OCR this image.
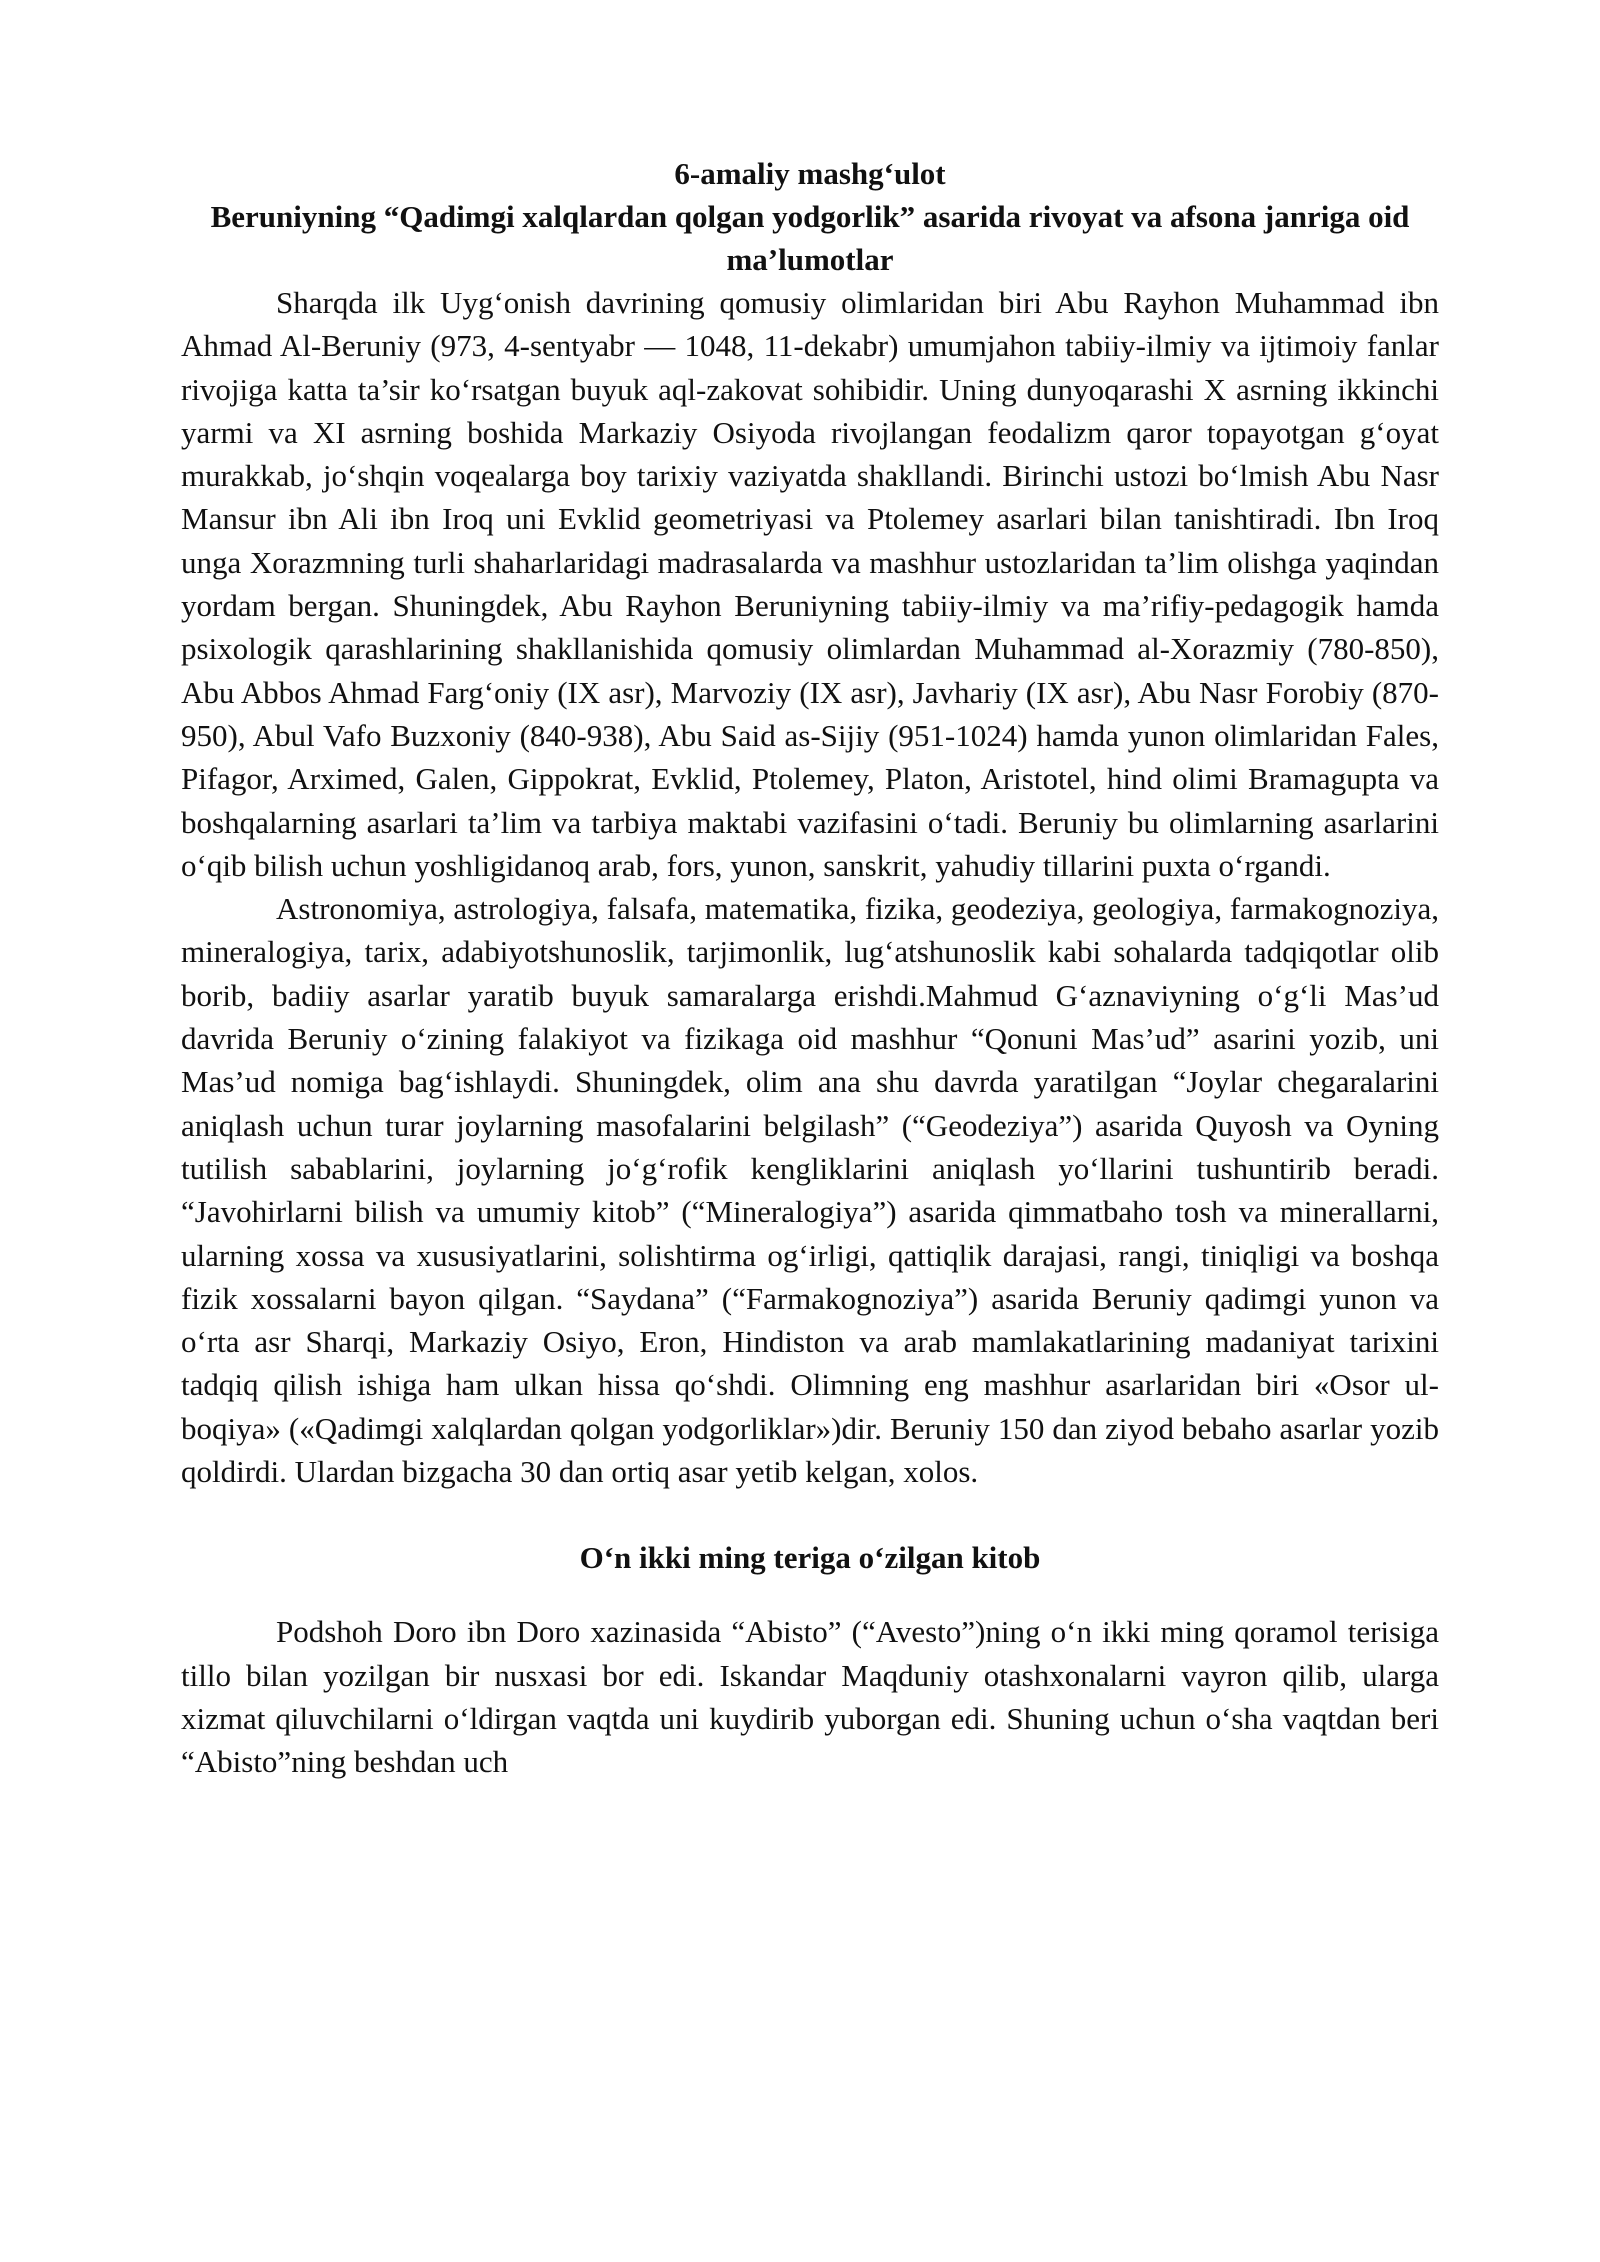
6-amaliy mashg‘ulot
Beruniyning “Qadimgi xalqlardan qolgan yodgorlik” asarida rivoyat va afsona janriga oid ma’lumotlar

Sharqda ilk Uyg‘onish davrining qomusiy olimlaridan biri Abu Rayhon Muhammad ibn Ahmad Al-Beruniy (973, 4-sentyabr — 1048, 11-dekabr) umumjahon tabiiy-ilmiy va ijtimoiy fanlar rivojiga katta ta’sir ko‘rsatgan buyuk aql-zakovat sohibidir. Uning dunyoqarashi X asrning ikkinchi yarmi va XI asrning boshida Markaziy Osiyoda rivojlangan feodalizm qaror topayotgan g‘oyat murakkab, jo‘shqin voqealarga boy tarixiy vaziyatda shakllandi. Birinchi ustozi bo‘lmish Abu Nasr Mansur ibn Ali ibn Iroq uni Evklid geometriyasi va Ptolemey asarlari bilan tanishtiradi. Ibn Iroq unga Xorazmning turli shaharlaridagi madrasalarda va mashhur ustozlaridan ta’lim olishga yaqindan yordam bergan. Shuningdek, Abu Rayhon Beruniyning tabiiy-ilmiy va ma’rifiy-pedagogik hamda psixologik qarashlarining shakllanishida qomusiy olimlardan Muhammad al-Xorazmiy (780-850), Abu Abbos Ahmad Farg‘oniy (IX asr), Marvoziy (IX asr), Javhariy (IX asr), Abu Nasr Forobiy (870-950), Abul Vafo Buzxoniy (840-938), Abu Said as-Sijiy (951-1024) hamda yunon olimlaridan Fales, Pifagor, Arximed, Galen, Gippokrat, Evklid, Ptolemey, Platon, Aristotel, hind olimi Bramagupta va boshqalarning asarlari ta’lim va tarbiya maktabi vazifasini o‘tadi. Beruniy bu olimlarning asarlarini o‘qib bilish uchun yoshligidanoq arab, fors, yunon, sanskrit, yahudiy tillarini puxta o‘rgandi.

Astronomiya, astrologiya, falsafa, matematika, fizika, geodeziya, geologiya, farmakognoziya, mineralogiya, tarix, adabiyotshunoslik, tarjimonlik, lug‘atshunoslik kabi sohalarda tadqiqotlar olib borib, badiiy asarlar yaratib buyuk samaralarga erishdi.Mahmud G‘aznaviyning o‘g‘li Mas’ud davrida Beruniy o‘zining falakiyot va fizikaga oid mashhur “Qonuni Mas’ud” asarini yozib, uni Mas’ud nomiga bag‘ishlaydi. Shuningdek, olim ana shu davrda yaratilgan “Joylar chegaralarini aniqlash uchun turar joylarning masofalarini belgilash” (“Geodeziya”) asarida Quyosh va Oyning tutilish sabablarini, joylarning jo‘g‘rofik kengliklarini aniqlash yo‘llarini tushuntirib beradi. “Javohirlarni bilish va umumiy kitob” (“Mineralogiya”) asarida qimmatbaho tosh va minerallarni, ularning xossa va xususiyatlarini, solishtirma og‘irligi, qattiqlik darajasi, rangi, tiniqligi va boshqa fizik xossalarni bayon qilgan. “Saydana” (“Farmakognoziya”) asarida Beruniy qadimgi yunon va o‘rta asr Sharqi, Markaziy Osiyo, Eron, Hindiston va arab mamlakatlarining madaniyat tarixini tadqiq qilish ishiga ham ulkan hissa qo‘shdi. Olimning eng mashhur asarlaridan biri «Osor ul-boqiya» («Qadimgi xalqlardan qolgan yodgorliklar»)dir. Beruniy 150 dan ziyod bebaho asarlar yozib qoldirdi. Ulardan bizgacha 30 dan ortiq asar yetib kelgan, xolos.

O‘n ikki ming teriga o‘zilgan kitob

Podshoh Doro ibn Doro xazinasida “Abisto” (“Avesto”)ning o‘n ikki ming qoramol terisiga tillo bilan yozilgan bir nusxasi bor edi. Iskandar Maqduniy otashxonalarni vayron qilib, ularga xizmat qiluvchilarni o‘ldirgan vaqtda uni kuydirib yuborgan edi. Shuning uchun o‘sha vaqtdan beri “Abisto”ning beshdan uch
